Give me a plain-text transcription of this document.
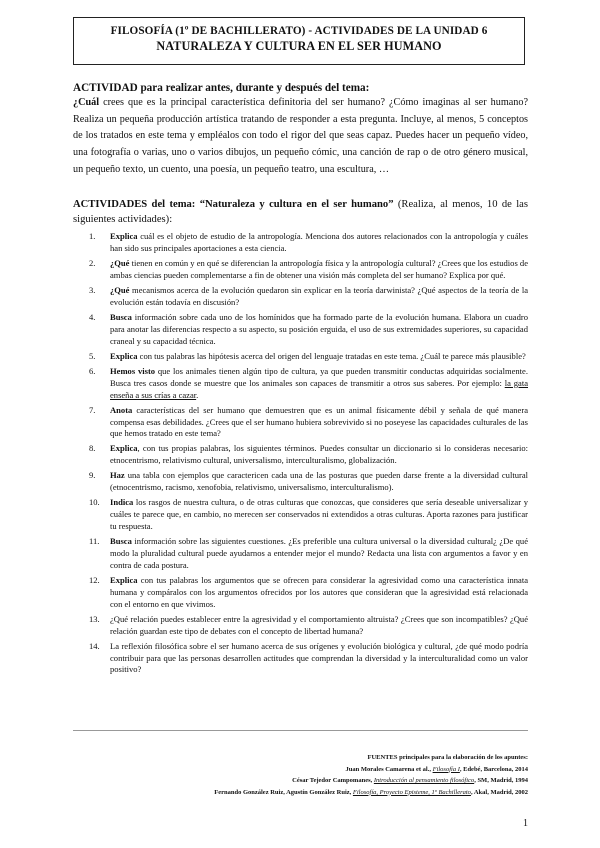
FILOSOFÍA (1º DE BACHILLERATO) - ACTIVIDADES DE LA UNIDAD 6
NATURALEZA Y CULTURA EN EL SER HUMANO
ACTIVIDAD para realizar antes, durante y después del tema:
¿Cuál crees que es la principal característica definitoria del ser humano? ¿Cómo imaginas al ser humano? Realiza un pequeña producción artística tratando de responder a esta pregunta. Incluye, al menos, 5 conceptos de los tratados en este tema y empléalos con todo el rigor del que seas capaz. Puedes hacer un pequeño vídeo, una fotografía o varias, uno o varios dibujos, un pequeño cómic, una canción de rap o de otro género musical, un pequeño texto, un cuento, una poesía, un pequeño teatro, una escultura, …
ACTIVIDADES del tema: “Naturaleza y cultura en el ser humano” (Realiza, al menos, 10 de las siguientes actividades):
1. Explica cuál es el objeto de estudio de la antropología. Menciona dos autores relacionados con la antropología y cuáles han sido sus principales aportaciones a esta ciencia.
2. ¿Qué tienen en común y en qué se diferencian la antropología física y la antropología cultural? ¿Crees que los estudios de ambas ciencias pueden complementarse a fin de obtener una visión más completa del ser humano? Explica por qué.
3. ¿Qué mecanismos acerca de la evolución quedaron sin explicar en la teoría darwinista? ¿Qué aspectos de la teoría de la evolución están todavía en discusión?
4. Busca información sobre cada uno de los homínidos que ha formado parte de la evolución humana. Elabora un cuadro para anotar las diferencias respecto a su aspecto, su posición erguida, el uso de sus extremidades superiores, su capacidad craneal y su capacidad técnica.
5. Explica con tus palabras las hipótesis acerca del origen del lenguaje tratadas en este tema. ¿Cuál te parece más plausible?
6. Hemos visto que los animales tienen algún tipo de cultura, ya que pueden transmitir conductas adquiridas socialmente. Busca tres casos donde se muestre que los animales son capaces de transmitir a otros sus saberes. Por ejemplo: la gata enseña a sus crías a cazar.
7. Anota características del ser humano que demuestren que es un animal físicamente débil y señala de qué manera compensa esas debilidades. ¿Crees que el ser humano hubiera sobrevivido si no poseyese las capacidades culturales de las que hemos tratado en este tema?
8. Explica, con tus propias palabras, los siguientes términos. Puedes consultar un diccionario si lo consideras necesario: etnocentrismo, relativismo cultural, universalismo, interculturalismo, globalización.
9. Haz una tabla con ejemplos que caractericen cada una de las posturas que pueden darse frente a la diversidad cultural (etnocentrismo, racismo, xenofobia, relativismo, universalismo, interculturalismo).
10. Indica los rasgos de nuestra cultura, o de otras culturas que conozcas, que consideres que sería deseable universalizar y cuáles te parece que, en cambio, no merecen ser conservados ni extendidos a otras culturas. Aporta razones para justificar tu respuesta.
11. Busca información sobre las siguientes cuestiones. ¿Es preferible una cultura universal o la diversidad cultural¿ ¿De qué modo la pluralidad cultural puede ayudarnos a entender mejor el mundo? Redacta una lista con argumentos a favor y en contra de cada postura.
12. Explica con tus palabras los argumentos que se ofrecen para considerar la agresividad como una característica innata humana y compáralos con los argumentos ofrecidos por los autores que consideran que la agresividad está relacionada con el entorno en que vivimos.
13. ¿Qué relación puedes establecer entre la agresividad y el comportamiento altruista? ¿Crees que son incompatibles? ¿Qué relación guardan este tipo de debates con el concepto de libertad humana?
14. La reflexión filosófica sobre el ser humano acerca de sus orígenes y evolución biológica y cultural, ¿de qué modo podría contribuir para que las personas desarrollen actitudes que comprendan la diversidad y la interculturalidad como un valor positivo?
FUENTES principales para la elaboración de los apuntes:
Juan Morales Camarena et al., Filosofía I, Edebé, Barcelona, 2014
César Tejedor Campomanes, Introducción al pensamiento filosófico, SM, Madrid, 1994
Fernando González Ruiz, Agustín González Ruiz, Filosofía, Proyecto Episteme, 1º Bachillerato, Akal, Madrid, 2002
1
